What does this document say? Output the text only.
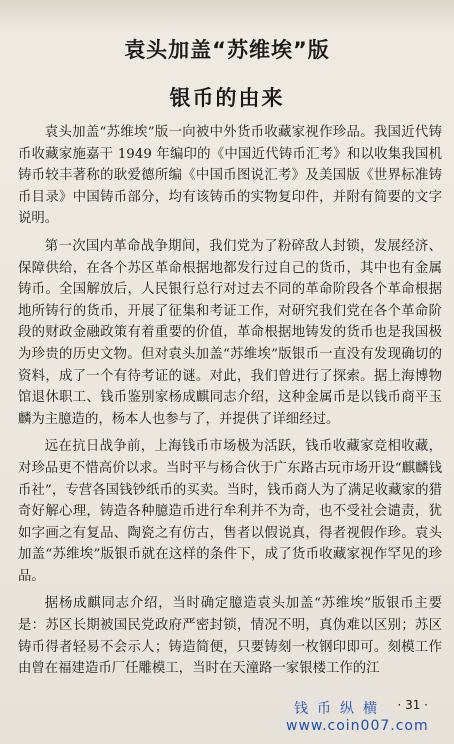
袁头加盖“苏维埃”版
银币的由来

袁头加盖“苏维埃”版一向被中外货币收藏家视作珍品。我国近代铸币收藏家施嘉干 1949 年编印的《中国近代铸币汇考》和以收集我国机铸币较丰著称的耿爱德所编《中国币图说汇考》及美国版《世界标准铸币目录》中国铸币部分，均有该铸币的实物复印件，并附有简要的文字说明。

第一次国内革命战争期间，我们党为了粉碎敌人封锁，发展经济、保障供给，在各个苏区革命根据地都发行过自己的货币，其中也有金属铸币。全国解放后，人民银行总行对过去不同的革命阶段各个革命根据地所铸行的货币，开展了征集和考证工作，对研究我们党在各个革命阶段的财政金融政策有着重要的价值，革命根据地铸发的货币也是我国极为珍贵的历史文物。但对袁头加盖“苏维埃”版银币一直没有发现确切的资料，成了一个有待考证的谜。对此，我们曾进行了探索。据上海博物馆退休职工、钱币鉴别家杨成麒同志介绍，这种金属币是以钱币商平玉麟为主臆造的，杨本人也参与了，并提供了详细经过。

远在抗日战争前，上海钱币市场极为活跃，钱币收藏家竞相收藏，对珍品更不惜高价以求。当时平与杨合伙于广东路古玩市场开设“麒麟钱币社”，专营各国钱钞纸币的买卖。当时，钱币商人为了满足收藏家的猎奇好解心理，铸造各种臆造币进行牟利并不为奇，也不受社会谴责，犹如字画之有复品、陶瓷之有仿古，售者以假说真，得者视假作珍。袁头加盖“苏维埃”版银币就在这样的条件下，成了货币收藏家视作罕见的珍品。

据杨成麒同志介绍，当时确定臆造袁头加盖“苏维埃”版银币主要是：苏区长期被国民党政府严密封锁，情况不明，真伪难以区别；苏区铸币得者轻易不会示人；铸造简便，只要铸刻一枚钢印即可。刻模工作由曾在福建造币厂任雕模工，当时在天潼路一家银楼工作的江

· 31 ·
钱币纵横
www.coin007.com
